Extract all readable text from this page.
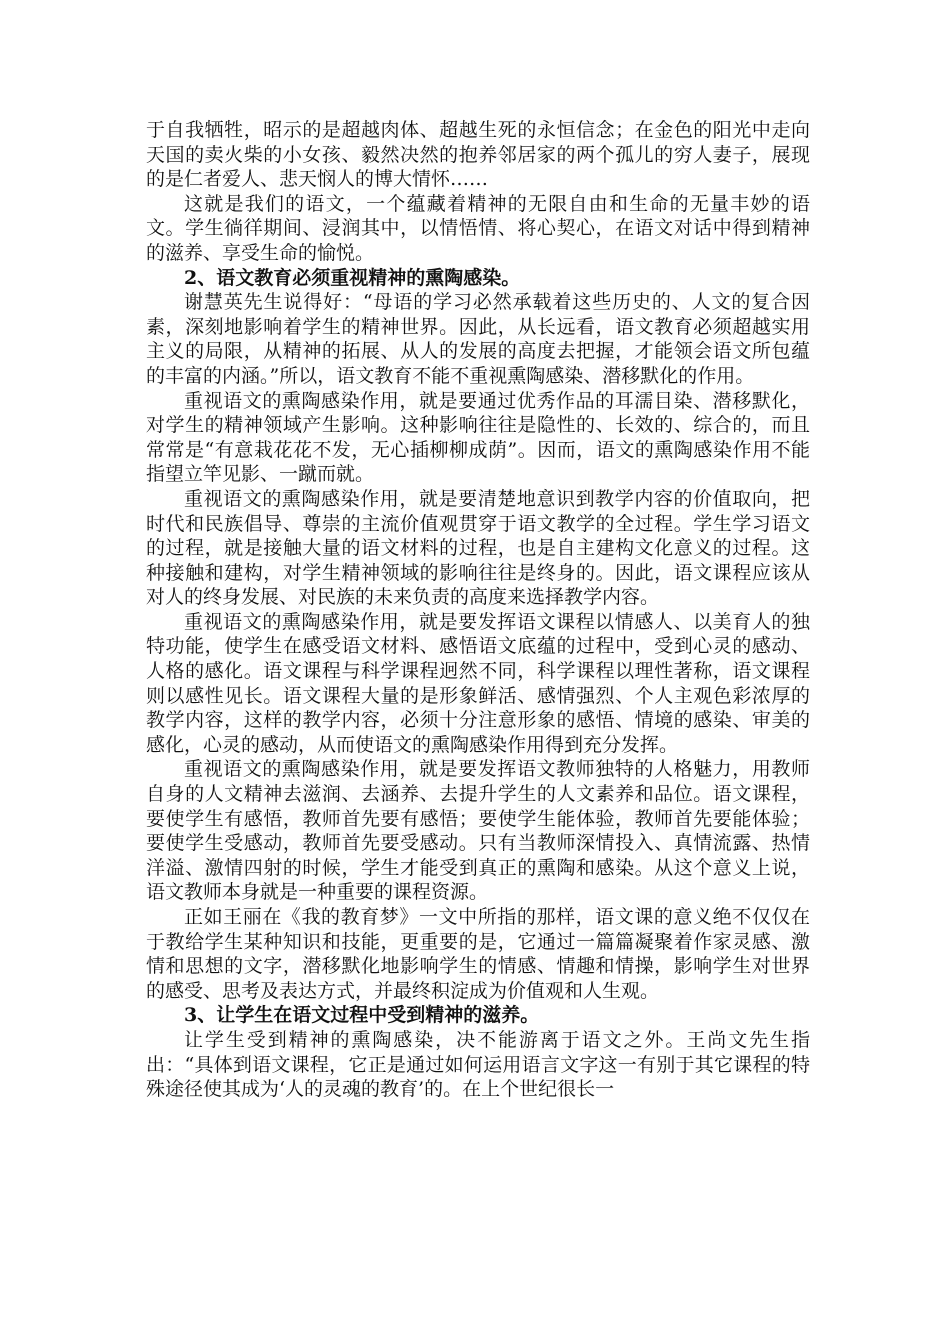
于自我牺牲，昭示的是超越肉体、超越生死的永恒信念；在金色的阳光中走向天国的卖火柴的小女孩、毅然决然的抱养邻居家的两个孤儿的穷人妻子，展现的是仁者爱人、悲天悯人的博大情怀……

这就是我们的语文，一个蕴藏着精神的无限自由和生命的无量丰妙的语文。学生徜徉期间、浸润其中，以情悟情、将心契心，在语文对话中得到精神的滋养、享受生命的愉悦。

2、语文教育必须重视精神的熏陶感染。

谢慧英先生说得好：“母语的学习必然承载着这些历史的、人文的复合因素，深刻地影响着学生的精神世界。因此，从长远看，语文教育必须超越实用主义的局限，从精神的拓展、从人的发展的高度去把握，才能领会语文所包蕴的丰富的内涵。”所以，语文教育不能不重视熏陶感染、潜移默化的作用。

重视语文的熏陶感染作用，就是要通过优秀作品的耳濡目染、潜移默化，对学生的精神领域产生影响。这种影响往往是隐性的、长效的、综合的，而且常常是“有意栽花花不发，无心插柳柳成荫”。因而，语文的熏陶感染作用不能指望立竿见影、一蹴而就。

重视语文的熏陶感染作用，就是要清楚地意识到教学内容的价值取向，把时代和民族倡导、尊崇的主流价值观贯穿于语文教学的全过程。学生学习语文的过程，就是接触大量的语文材料的过程，也是自主建构文化意义的过程。这种接触和建构，对学生精神领域的影响往往是终身的。因此，语文课程应该从对人的终身发展、对民族的未来负责的高度来选择教学内容。

重视语文的熏陶感染作用，就是要发挥语文课程以情感人、以美育人的独特功能，使学生在感受语文材料、感悟语文底蕴的过程中，受到心灵的感动、人格的感化。语文课程与科学课程迥然不同，科学课程以理性著称，语文课程则以感性见长。语文课程大量的是形象鲜活、感情强烈、个人主观色彩浓厚的教学内容，这样的教学内容，必须十分注意形象的感悟、情境的感染、审美的感化，心灵的感动，从而使语文的熏陶感染作用得到充分发挥。

重视语文的熏陶感染作用，就是要发挥语文教师独特的人格魅力，用教师自身的人文精神去滋润、去涵养、去提升学生的人文素养和品位。语文课程，要使学生有感悟，教师首先要有感悟；要使学生能体验，教师首先要能体验；要使学生受感动，教师首先要受感动。只有当教师深情投入、真情流露、热情洋溢、激情四射的时候，学生才能受到真正的熏陶和感染。从这个意义上说，语文教师本身就是一种重要的课程资源。

正如王丽在《我的教育梦》一文中所指的那样，语文课的意义绝不仅仅在于教给学生某种知识和技能，更重要的是，它通过一篇篇凝聚着作家灵感、激情和思想的文字，潜移默化地影响学生的情感、情趣和情操，影响学生对世界的感受、思考及表达方式，并最终积淀成为价值观和人生观。

3、让学生在语文过程中受到精神的滋养。

让学生受到精神的熏陶感染，决不能游离于语文之外。王尚文先生指出：“具体到语文课程，它正是通过如何运用语言文字这一有别于其它课程的特殊途径使其成为‘人的灵魂的教育’的。在上个世纪很长一
